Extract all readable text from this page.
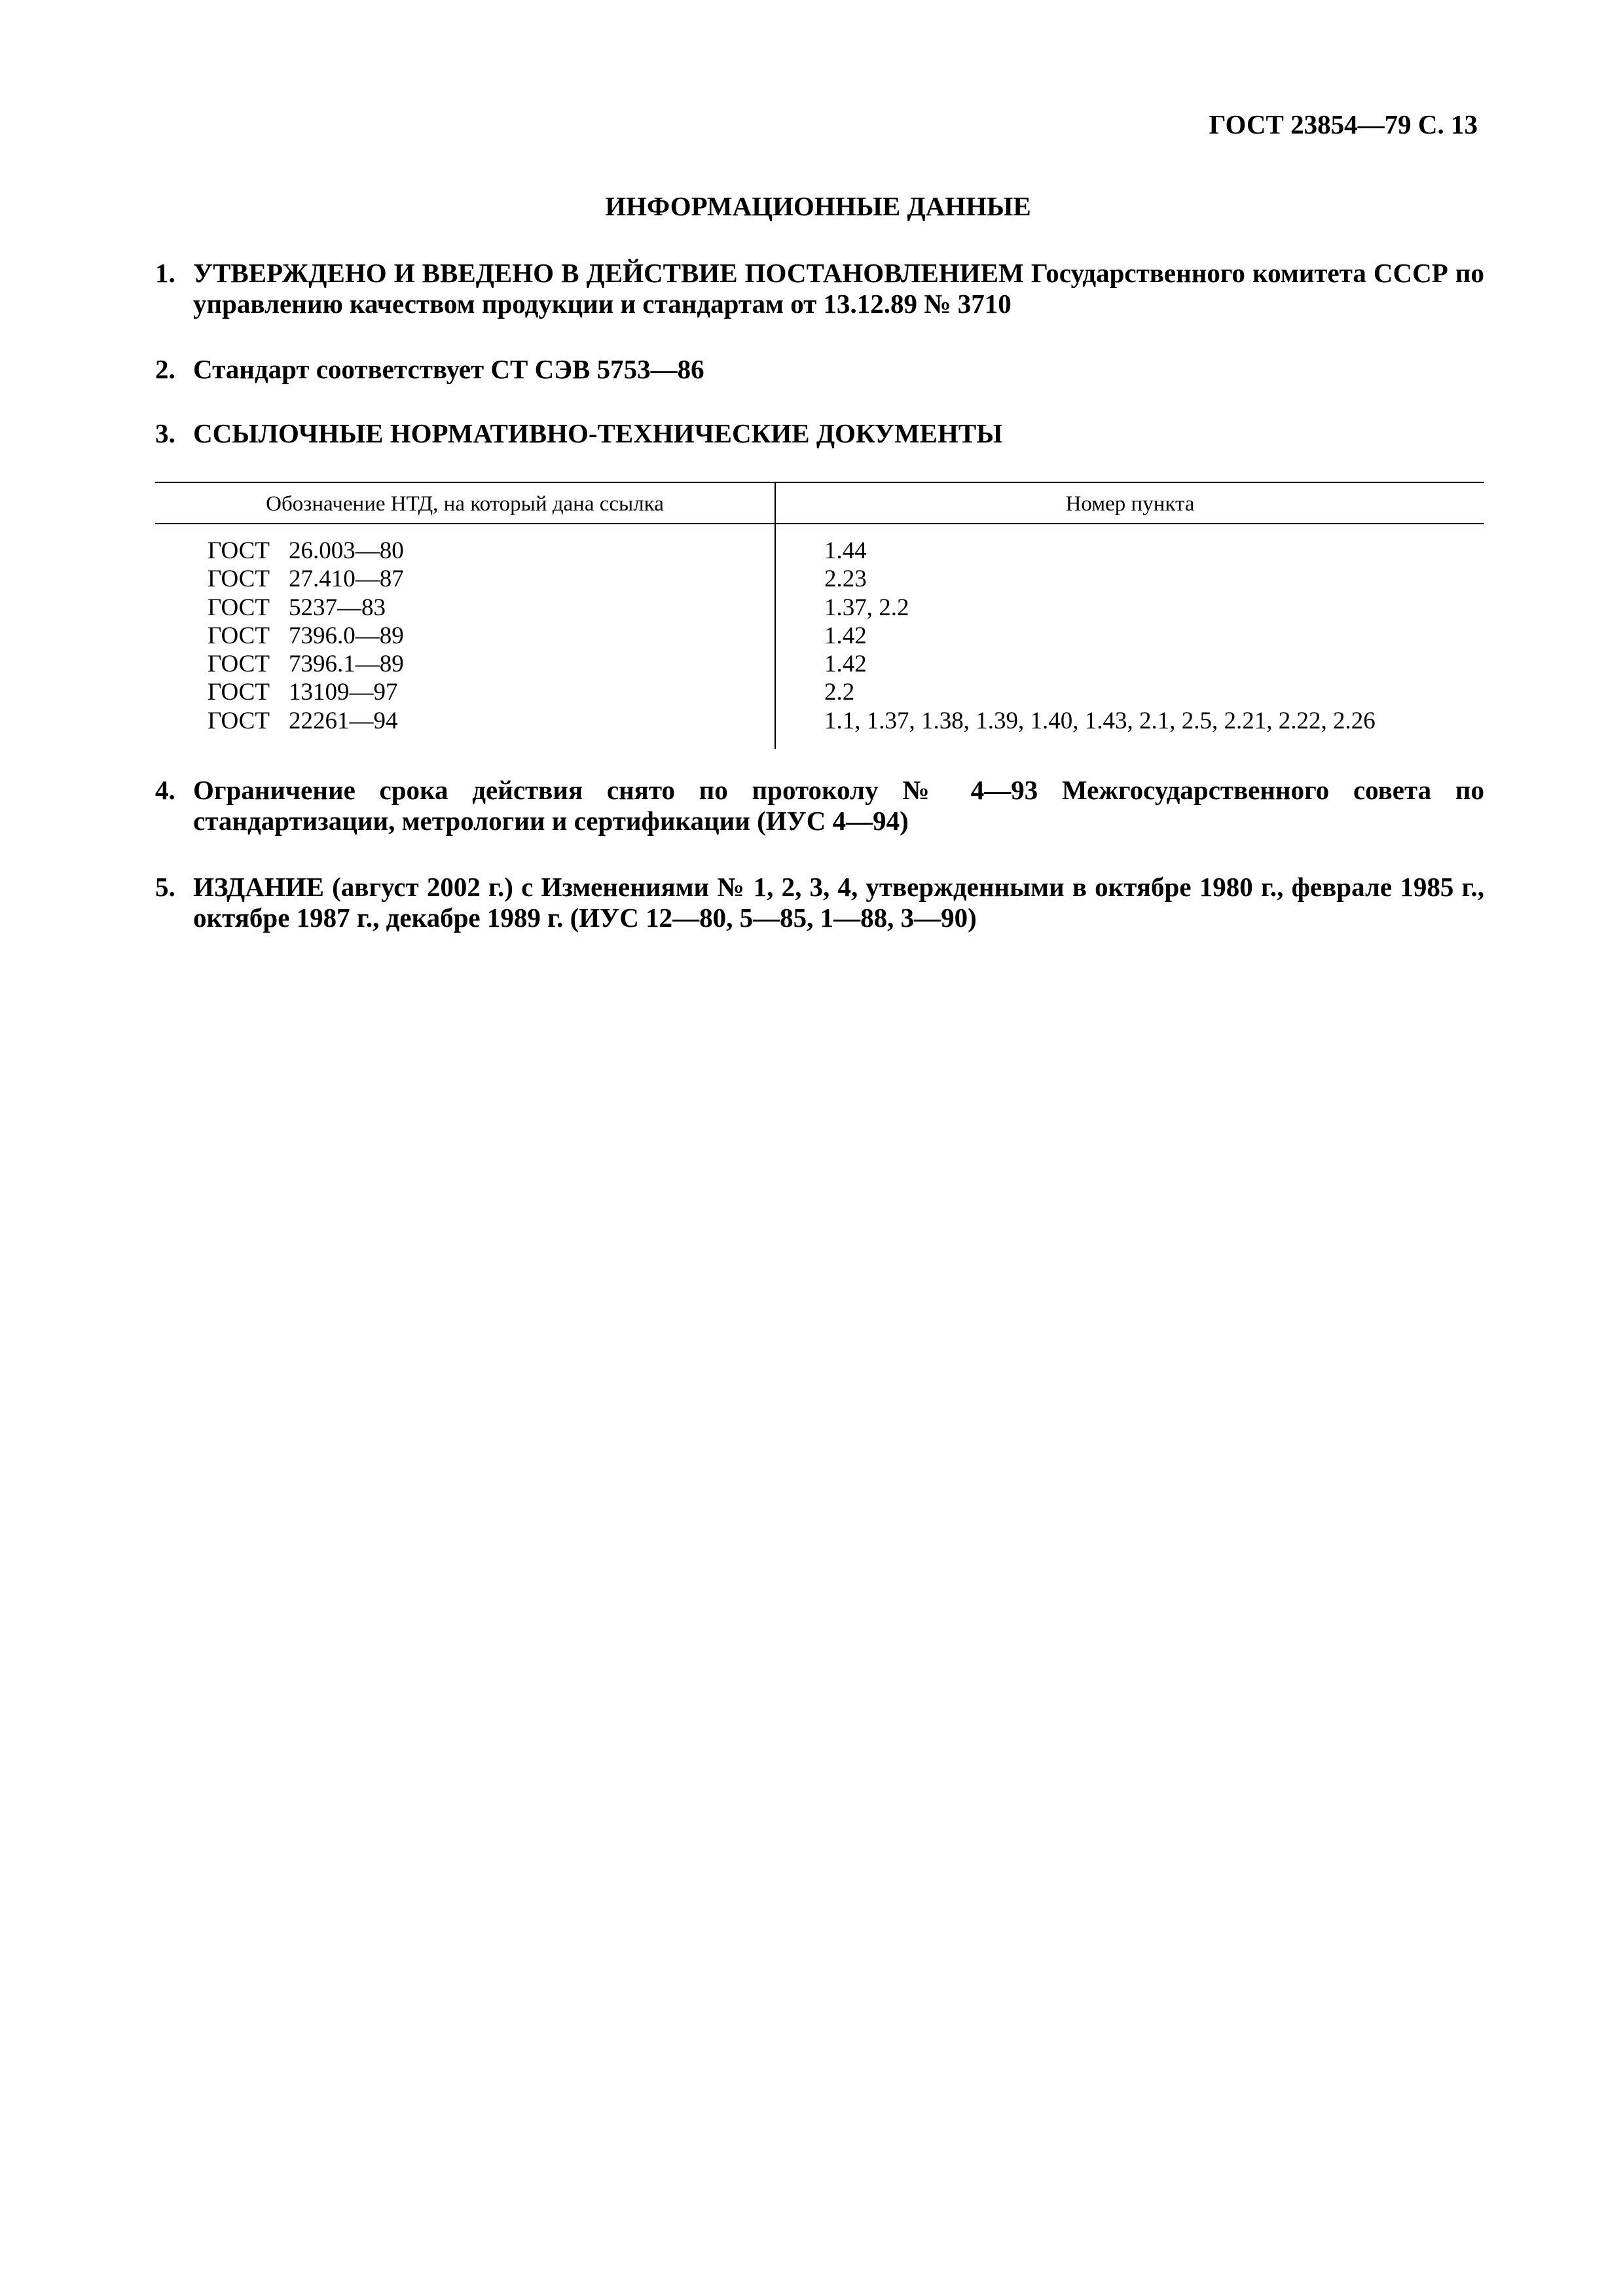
ГОСТ 23854—79 С. 13
ИНФОРМАЦИОННЫЕ ДАННЫЕ
1. УТВЕРЖДЕНО И ВВЕДЕНО В ДЕЙСТВИЕ ПОСТАНОВЛЕНИЕМ Государственного комитета СССР по управлению качеством продукции и стандартам от 13.12.89 № 3710
2. Стандарт соответствует СТ СЭВ 5753—86
3. ССЫЛОЧНЫЕ НОРМАТИВНО-ТЕХНИЧЕСКИЕ ДОКУМЕНТЫ
Обозначение НТД, на который дана ссылка	Номер пункта
ГОСТ 26.003—80
ГОСТ 27.410—87
ГОСТ 5237—83
ГОСТ 7396.0—89
ГОСТ 7396.1—89
ГОСТ 13109—97
ГОСТ 22261—94
1.44
2.23
1.37, 2.2
1.42
1.42
2.2
1.1, 1.37, 1.38, 1.39, 1.40, 1.43, 2.1, 2.5, 2.21, 2.22, 2.26
4. Ограничение срока действия снято по протоколу № 4—93 Межгосударственного совета по стандартизации, метрологии и сертификации (ИУС 4—94)
5. ИЗДАНИЕ (август 2002 г.) с Изменениями № 1, 2, 3, 4, утвержденными в октябре 1980 г., феврале 1985 г., октябре 1987 г., декабре 1989 г. (ИУС 12—80, 5—85, 1—88, 3—90)
